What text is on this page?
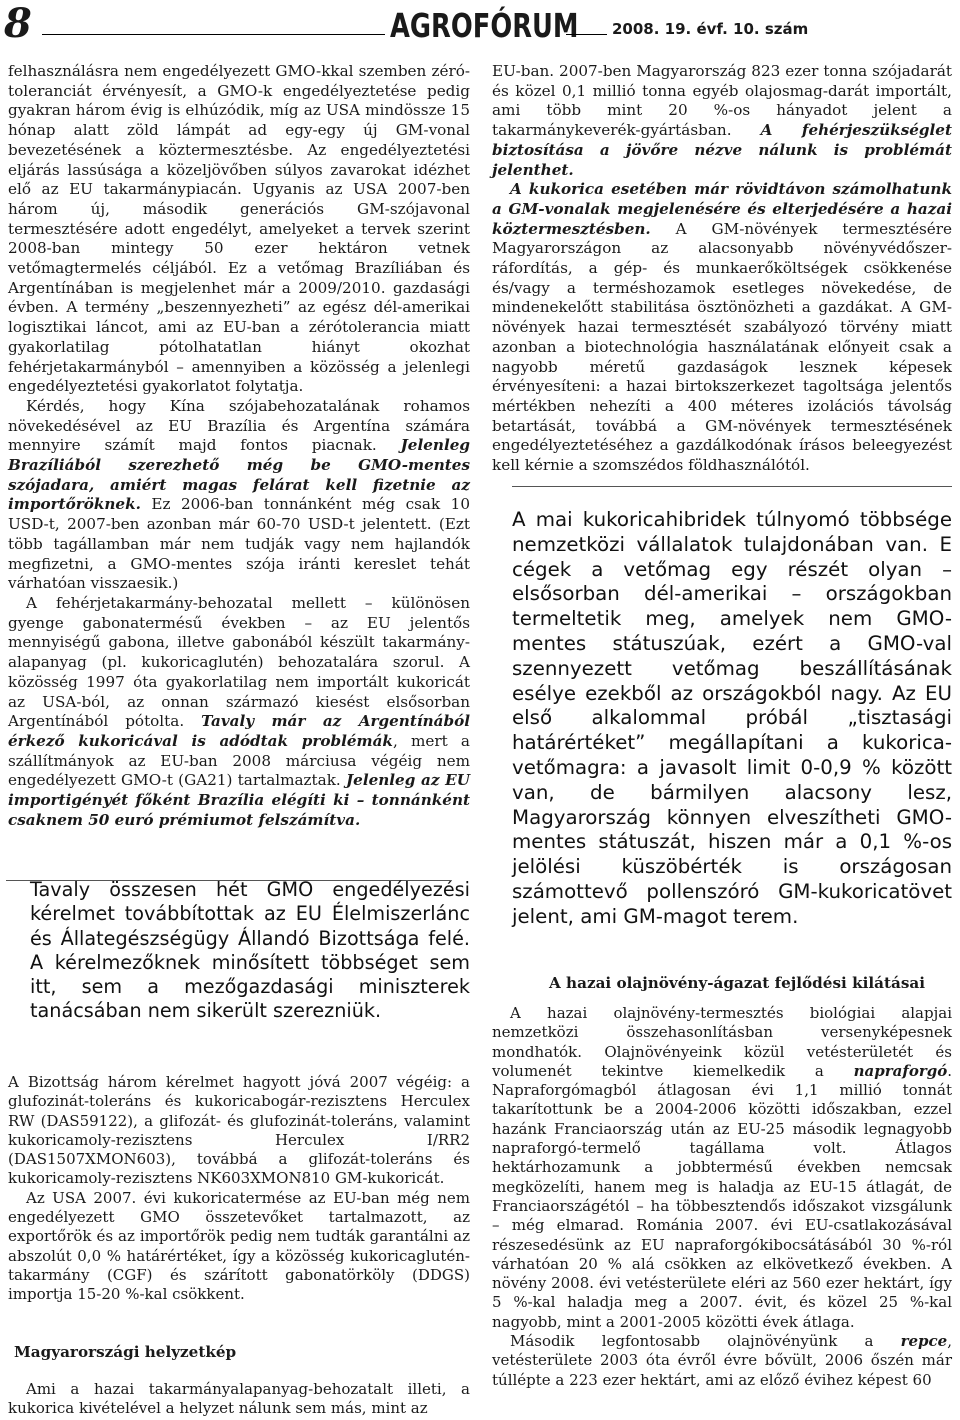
8	AGROFÓRUM 2008. 19. évf. 10. szám

felhasználásra nem engedélyezett GMO-kkal szemben zéró-toleranciát érvényesít, a GMO-k engedélyeztetése pedig gyakran három évig is elhúzódik, míg az USA mindössze 15 hónap alatt zöld lámpát ad egy-egy új GM-vonal bevezetésének a köztermesztésbe. Az engedélyeztetési eljárás lassúsága a közeljövőben súlyos zavarokat idézhet elő az EU takarmánypiacán. Ugyanis az USA 2007-ben három új, második generációs GM-szójavonal termesztésére adott engedélyt, amelyeket a tervek szerint 2008-ban mintegy 50 ezer hektáron vetnek vetőmagtermelés céljából. Ez a vetőmag Brazíliában és Argentínában is megjelenhet már a 2009/2010. gazdasági évben. A termény „beszennyezheti” az egész dél-amerikai logisztikai láncot, ami az EU-ban a zérótolerancia miatt gyakorlatilag pótolhatatlan hiányt okozhat fehérjetakarmányból – amennyiben a közösség a jelenlegi engedélyeztetési gyakorlatot folytatja.

Kérdés, hogy Kína szójabehozatalának rohamos növekedésével az EU Brazília és Argentína számára mennyire számít majd fontos piacnak. Jelenleg Brazíliából szerezhető még be GMO-mentes szójadara, amiért magas felárat kell fizetnie az importőröknek. Ez 2006-ban tonnánként még csak 10 USD-t, 2007-ben azonban már 60-70 USD-t jelentett. (Ezt több tagállamban már nem tudják vagy nem hajlandók megfizetni, a GMO-mentes szója iránti kereslet tehát várhatóan visszaesik.)

A fehérjetakarmány-behozatal mellett – különösen gyenge gabonatermésű években – az EU jelentős mennyiségű gabona, illetve gabonából készült takarmány-alapanyag (pl. kukoricaglutén) behozatalára szorul. A közösség 1997 óta gyakorlatilag nem importált kukoricát az USA-ból, az onnan származó kiesést elsősorban Argentínából pótolta. Tavaly már az Argentínából érkező kukoricával is adódtak problémák, mert a szállítmányok az EU-ban 2008 márciusa végéig nem engedélyezett GMO-t (GA21) tartalmaztak. Jelenleg az EU importigényét főként Brazília elégíti ki – tonnánként csaknem 50 euró prémiumot felszámítva.

Tavaly összesen hét GMO engedélyezési kérelmet továbbítottak az EU Élelmiszerlánc és Állategészségügy Állandó Bizottsága felé. A kérelmezőknek minősített többséget sem itt, sem a mezőgazdasági miniszterek tanácsában nem sikerült szerezniük.

A Bizottság három kérelmet hagyott jóvá 2007 végéig: a glufozinát-toleráns és kukoricabogár-rezisztens Herculex RW (DAS59122), a glifozát- és glufozinát-toleráns, valamint kukoricamoly-rezisztens Herculex I/RR2 (DAS1507XMON603), továbbá a glifozát-toleráns és kukoricamoly-rezisztens NK603XMON810 GM-kukoricát.

Az USA 2007. évi kukoricatermése az EU-ban még nem engedélyezett GMO összetevőket tartalmazott, az exportőrök és az importőrök pedig nem tudták garantálni az abszolút 0,0 % határértéket, így a közösség kukoricaglutén-takarmány (CGF) és szárított gabonatörköly (DDGS) importja 15-20 %-kal csökkent.

Magyarországi helyzetkép

Ami a hazai takarmányalapanyag-behozatalt illeti, a kukorica kivételével a helyzet nálunk sem más, mint az

EU-ban. 2007-ben Magyarország 823 ezer tonna szójadarát és közel 0,1 millió tonna egyéb olajosmag-darát importált, ami több mint 20 %-os hányadot jelent a takarmánykeverék-gyártásban. A fehérjeszükséglet biztosítása a jövőre nézve nálunk is problémát jelenthet.

A kukorica esetében már rövidtávon számolhatunk a GM-vonalak megjelenésére és elterjedésére a hazai köztermesztésben. A GM-növények termesztésére Magyarországon az alacsonyabb növényvédőszer-ráfordítás, a gép- és munkaerőköltségek csökkenése és/vagy a terméshozamok esetleges növekedése, de mindenekelőtt stabilitása ösztönözheti a gazdákat. A GM-növények hazai termesztését szabályozó törvény miatt azonban a biotechnológia használatának előnyeit csak a nagyobb méretű gazdaságok lesznek képesek érvényesíteni: a hazai birtokszerkezet tagoltsága jelentős mértékben nehezíti a 400 méteres izolációs távolság betartását, továbbá a GM-növények termesztésének engedélyeztetéséhez a gazdálkodónak írásos beleegyezést kell kérnie a szomszédos földhasználótól.

A mai kukoricahibridek túlnyomó többsége nemzetközi vállalatok tulajdonában van. E cégek a vetőmag egy részét olyan – elsősorban dél-amerikai – országokban termeltetik meg, amelyek nem GMO-mentes státuszúak, ezért a GMO-val szennyezett vetőmag beszállításának esélye ezekből az országokból nagy. Az EU első alkalommal próbál „tisztasági határértéket” megállapítani a kukorica-vetőmagra: a javasolt limit 0-0,9 % között van, de bármilyen alacsony lesz, Magyarország könnyen elveszítheti GMO-mentes státuszát, hiszen már a 0,1 %-os jelölési küszöbérték is országosan számottevő pollenszóró GM-kukoricatövet jelent, ami GM-magot terem.
A hazai olajnövény-ágazat fejlődési kilátásai

A hazai olajnövény-termesztés biológiai alapjai nemzetközi összehasonlításban versenyképesnek mondhatók. Olajnövényeink közül vetésterületét és volumenét tekintve kiemelkedik a napraforgó. Napraforgómagból átlagosan évi 1,1 millió tonnát takarítottunk be a 2004-2006 közötti időszakban, ezzel hazánk Franciaország után az EU-25 második legnagyobb napraforgó-termelő tagállama volt. Átlagos hektárhozamunk a jobbtermésű években nemcsak megközelíti, hanem meg is haladja az EU-15 átlagát, de Franciaországétól – ha többesztendős időszakot vizsgálunk – még elmarad. Románia 2007. évi EU-csatlakozásával részesedésünk az EU napraforgókibocsátásából 30 %-ról várhatóan 20 % alá csökken az elkövetkező években. A növény 2008. évi vetésterülete eléri az 560 ezer hektárt, így 5 %-kal haladja meg a 2007. évit, és közel 25 %-kal nagyobb, mint a 2001-2005 közötti évek átlaga.

Második legfontosabb olajnövényünk a repce, vetésterülete 2003 óta évről évre bővült, 2006 őszén már túllépte a 223 ezer hektárt, ami az előző évihez képest 60
